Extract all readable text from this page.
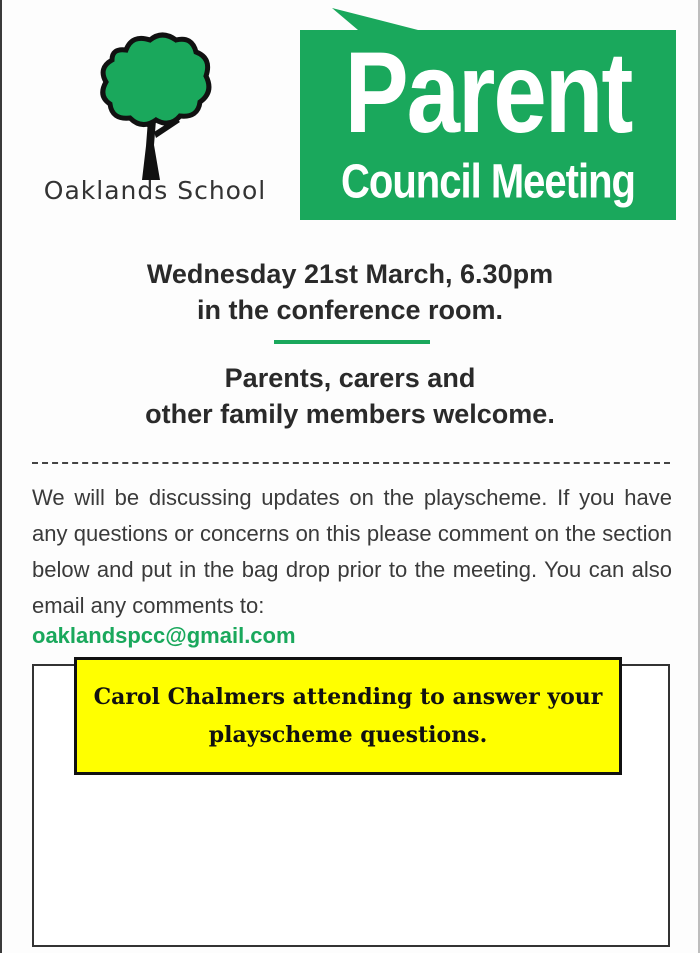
Oaklands School
Parent
Council Meeting
Wednesday 21st March, 6.30pm
in the conference room.
Parents, carers and
other family members welcome.
We will be discussing updates on the playscheme. If you have any questions or concerns on this please comment on the section below and put in the bag drop prior to the meeting. You can also email any comments to:
oaklandspcc@gmail.com
Carol Chalmers attending to answer your
playscheme questions.
